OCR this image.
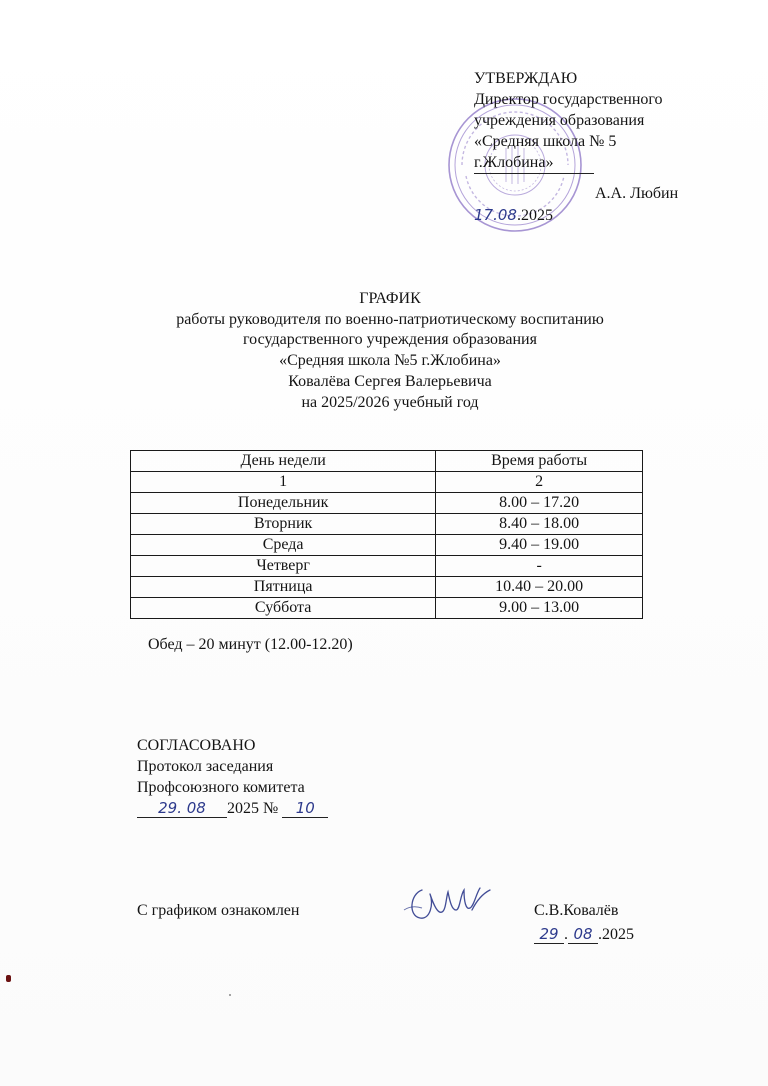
УТВЕРЖДАЮ
Директор государственного
учреждения образования
«Средняя школа № 5
г.Жлобина»
А.А. Любин
17.08.2025
ГРАФИК
работы руководителя по военно-патриотическому воспитанию
государственного учреждения образования
«Средняя школа №5 г.Жлобина»
Ковалёва Сергея Валерьевича
на 2025/2026 учебный год
День недели	Время работы
1	2
Понедельник	8.00 – 17.20
Вторник	8.40 – 18.00
Среда	9.40 – 19.00
Четверг	-
Пятница	10.40 – 20.00
Суббота	9.00 – 13.00
Обед – 20 минут (12.00-12.20)
СОГЛАСОВАНО
Протокол заседания
Профсоюзного комитета
29. 08 2025 № 10
С графиком ознакомлен	С.В.Ковалёв
29 . 08 .2025
